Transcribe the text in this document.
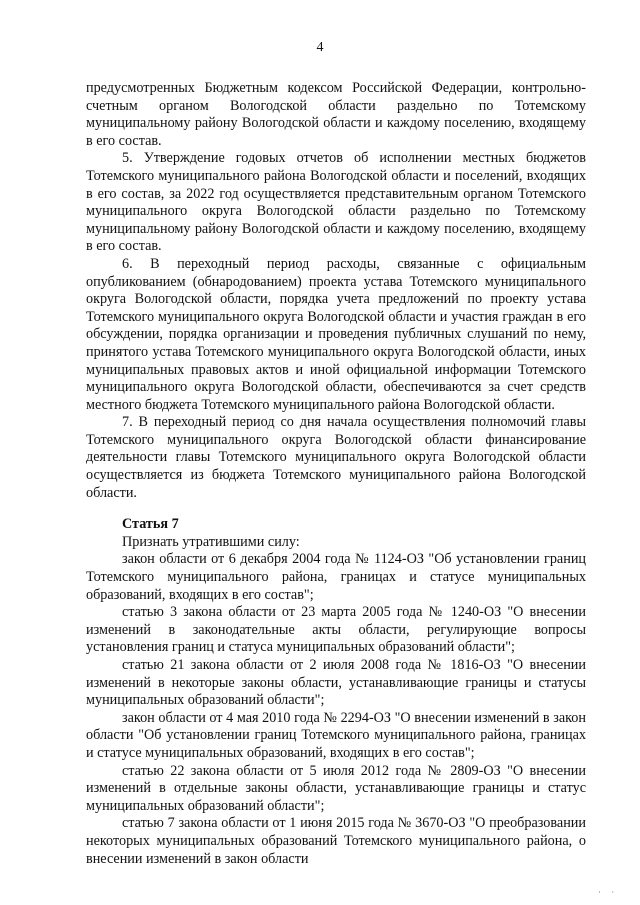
4

предусмотренных Бюджетным кодексом Российской Федерации, контрольно-счетным органом Вологодской области раздельно по Тотемскому муниципальному району Вологодской области и каждому поселению, входящему в его состав.

5. Утверждение годовых отчетов об исполнении местных бюджетов Тотемского муниципального района Вологодской области и поселений, входящих в его состав, за 2022 год осуществляется представительным органом Тотемского муниципального округа Вологодской области раздельно по Тотемскому муниципальному району Вологодской области и каждому поселению, входящему в его состав.

6. В переходный период расходы, связанные с официальным опубликованием (обнародованием) проекта устава Тотемского муниципального округа Вологодской области, порядка учета предложений по проекту устава Тотемского муниципального округа Вологодской области и участия граждан в его обсуждении, порядка организации и проведения публичных слушаний по нему, принятого устава Тотемского муниципального округа Вологодской области, иных муниципальных правовых актов и иной официальной информации Тотемского муниципального округа Вологодской области, обеспечиваются за счет средств местного бюджета Тотемского муниципального района Вологодской области.

7. В переходный период со дня начала осуществления полномочий главы Тотемского муниципального округа Вологодской области финансирование деятельности главы Тотемского муниципального округа Вологодской области осуществляется из бюджета Тотемского муниципального района Вологодской области.

Статья 7

Признать утратившими силу:

закон области от 6 декабря 2004 года № 1124-ОЗ "Об установлении границ Тотемского муниципального района, границах и статусе муниципальных образований, входящих в его состав";

статью 3 закона области от 23 марта 2005 года № 1240-ОЗ "О внесении изменений в законодательные акты области, регулирующие вопросы установления границ и статуса муниципальных образований области";

статью 21 закона области от 2 июля 2008 года № 1816-ОЗ "О внесении изменений в некоторые законы области, устанавливающие границы и статусы муниципальных образований области";

закон области от 4 мая 2010 года № 2294-ОЗ "О внесении изменений в закон области "Об установлении границ Тотемского муниципального района, границах и статусе муниципальных образований, входящих в его состав";

статью 22 закона области от 5 июля 2012 года № 2809-ОЗ "О внесении изменений в отдельные законы области, устанавливающие границы и статус муниципальных образований области";

статью 7 закона области от 1 июня 2015 года № 3670-ОЗ "О преобразовании некоторых муниципальных образований Тотемского муниципального района, о внесении изменений в закон области

· ·
